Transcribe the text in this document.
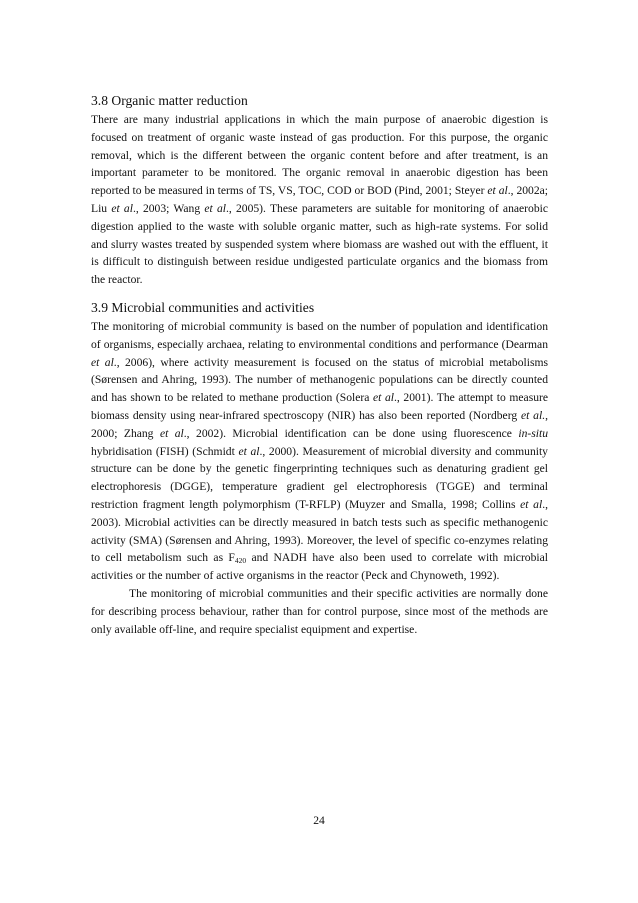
3.8 Organic matter reduction

There are many industrial applications in which the main purpose of anaerobic digestion is focused on treatment of organic waste instead of gas production. For this purpose, the organic removal, which is the different between the organic content before and after treatment, is an important parameter to be monitored. The organic removal in anaerobic digestion has been reported to be measured in terms of TS, VS, TOC, COD or BOD (Pind, 2001; Steyer et al., 2002a; Liu et al., 2003; Wang et al., 2005). These parameters are suitable for monitoring of anaerobic digestion applied to the waste with soluble organic matter, such as high-rate systems. For solid and slurry wastes treated by suspended system where biomass are washed out with the effluent, it is difficult to distinguish between residue undigested particulate organics and the biomass from the reactor.

3.9 Microbial communities and activities

The monitoring of microbial community is based on the number of population and identification of organisms, especially archaea, relating to environmental conditions and performance (Dearman et al., 2006), where activity measurement is focused on the status of microbial metabolisms (Sørensen and Ahring, 1993). The number of methanogenic populations can be directly counted and has shown to be related to methane production (Solera et al., 2001). The attempt to measure biomass density using near-infrared spectroscopy (NIR) has also been reported (Nordberg et al., 2000; Zhang et al., 2002). Microbial identification can be done using fluorescence in-situ hybridisation (FISH) (Schmidt et al., 2000). Measurement of microbial diversity and community structure can be done by the genetic fingerprinting techniques such as denaturing gradient gel electrophoresis (DGGE), temperature gradient gel electrophoresis (TGGE) and terminal restriction fragment length polymorphism (T-RFLP) (Muyzer and Smalla, 1998; Collins et al., 2003). Microbial activities can be directly measured in batch tests such as specific methanogenic activity (SMA) (Sørensen and Ahring, 1993). Moreover, the level of specific co-enzymes relating to cell metabolism such as $F_{420}$ and NADH have also been used to correlate with microbial activities or the number of active organisms in the reactor (Peck and Chynoweth, 1992).

The monitoring of microbial communities and their specific activities are normally done for describing process behaviour, rather than for control purpose, since most of the methods are only available off-line, and require specialist equipment and expertise.

24
